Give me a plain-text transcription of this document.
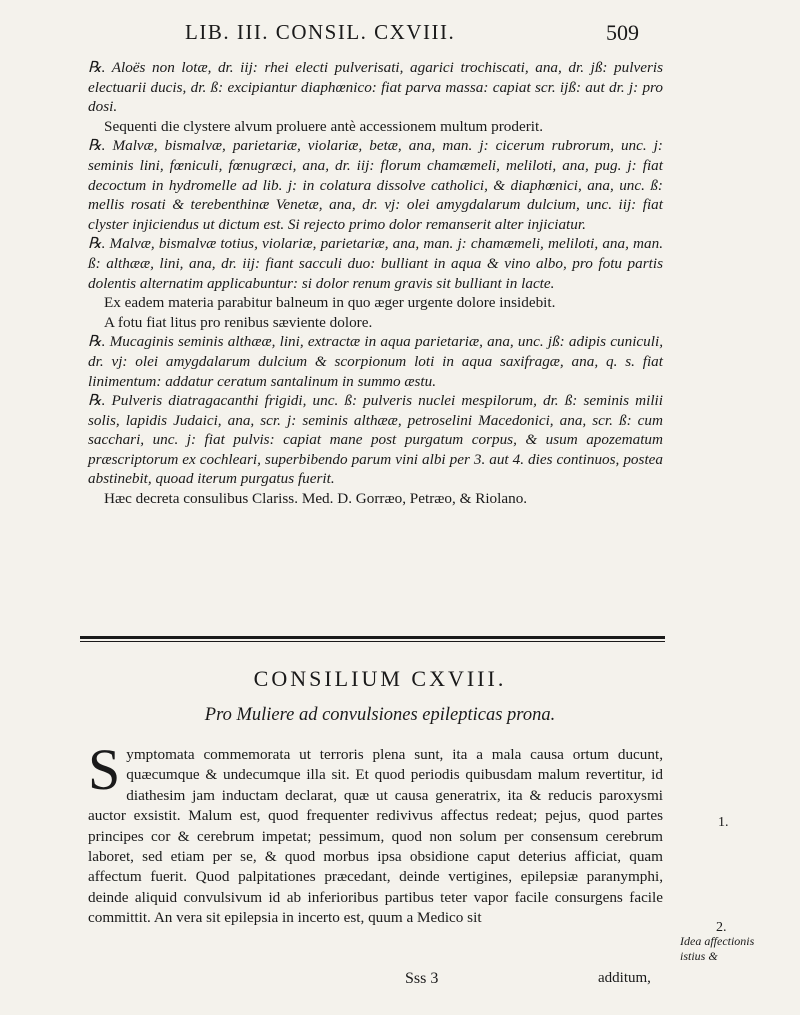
LIB. III. CONSIL. CXVIII.	509

℞. Aloës non lotæ, dr. iij: rhei electi pulverisati, agarici trochiscati, ana, dr. jß: pulveris electuarii ducis, dr. ß: excipiantur diaphœnico: fiat parva massa: capiat scr. ijß: aut dr. j: pro dosi.

Sequenti die clystere alvum proluere antè accessionem multum proderit.

℞. Malvæ, bismalvæ, parietariæ, violariæ, betæ, ana, man. j: cicerum rubrorum, unc. j: seminis lini, fœniculi, fœnugræci, ana, dr. iij: florum chamæmeli, meliloti, ana, pug. j: fiat decoctum in hydromelle ad lib. j: in colatura dissolve catholici, & diaphœnici, ana, unc. ß: mellis rosati & terebenthinæ Venetæ, ana, dr. vj: olei amygdalarum dulcium, unc. iij: fiat clyster injiciendus ut dictum est. Si rejecto primo dolor remanserit alter injiciatur.

℞. Malvæ, bismalvæ totius, violariæ, parietariæ, ana, man. j: chamæmeli, meliloti, ana, man. ß: althææ, lini, ana, dr. iij: fiant sacculi duo: bulliant in aqua & vino albo, pro fotu partis dolentis alternatim applicabuntur: si dolor renum gravis sit bulliant in lacte.

Ex eadem materia parabitur balneum in quo æger urgente dolore insidebit.

A fotu fiat litus pro renibus sæviente dolore.

℞. Mucaginis seminis althææ, lini, extractæ in aqua parietariæ, ana, unc. jß: adipis cuniculi, dr. vj: olei amygdalarum dulcium & scorpionum loti in aqua saxifragæ, ana, q. s. fiat linimentum: addatur ceratum santalinum in summo æstu.

℞. Pulveris diatragacanthi frigidi, unc. ß: pulveris nuclei mespilorum, dr. ß: seminis milii solis, lapidis Judaici, ana, scr. j: seminis althææ, petroselini Macedonici, ana, scr. ß: cum sacchari, unc. j: fiat pulvis: capiat mane post purgatum corpus, & usum apozematum præscriptorum ex cochleari, superbibendo parum vini albi per 3. aut 4. dies continuos, postea abstinebit, quoad iterum purgatus fuerit.

Hæc decreta consulibus Clariss. Med. D. Gorræo, Petræo, & Riolano.

CONSILIUM CXVIII.
Pro Muliere ad convulsiones epilepticas prona.
Symptomata commemorata ut terroris plena sunt, ita a mala causa ortum ducunt, quæcumque & undecumque illa sit. Et quod periodis quibusdam malum revertitur, id diathesim jam inductam declarat, quæ ut causa generatrix, ita & reducis paroxysmi auctor exsistit. Malum est, quod frequenter redivivus affectus redeat; pejus, quod partes principes cor & cerebrum impetat; pessimum, quod non solum per consensum cerebrum laboret, sed etiam per se, & quod morbus ipsa obsidione caput deterius afficiat, quam affectum fuerit. Quod palpitationes præcedant, deinde vertigines, epilepsiæ paranymphi, deinde aliquid convulsivum id ab inferioribus partibus teter vapor facile consurgens facile committit. An vera sit epilepsia in incerto est, quum a Medico sit
1.
2.
Idea affectionis istius &
Sss 3	additum,
